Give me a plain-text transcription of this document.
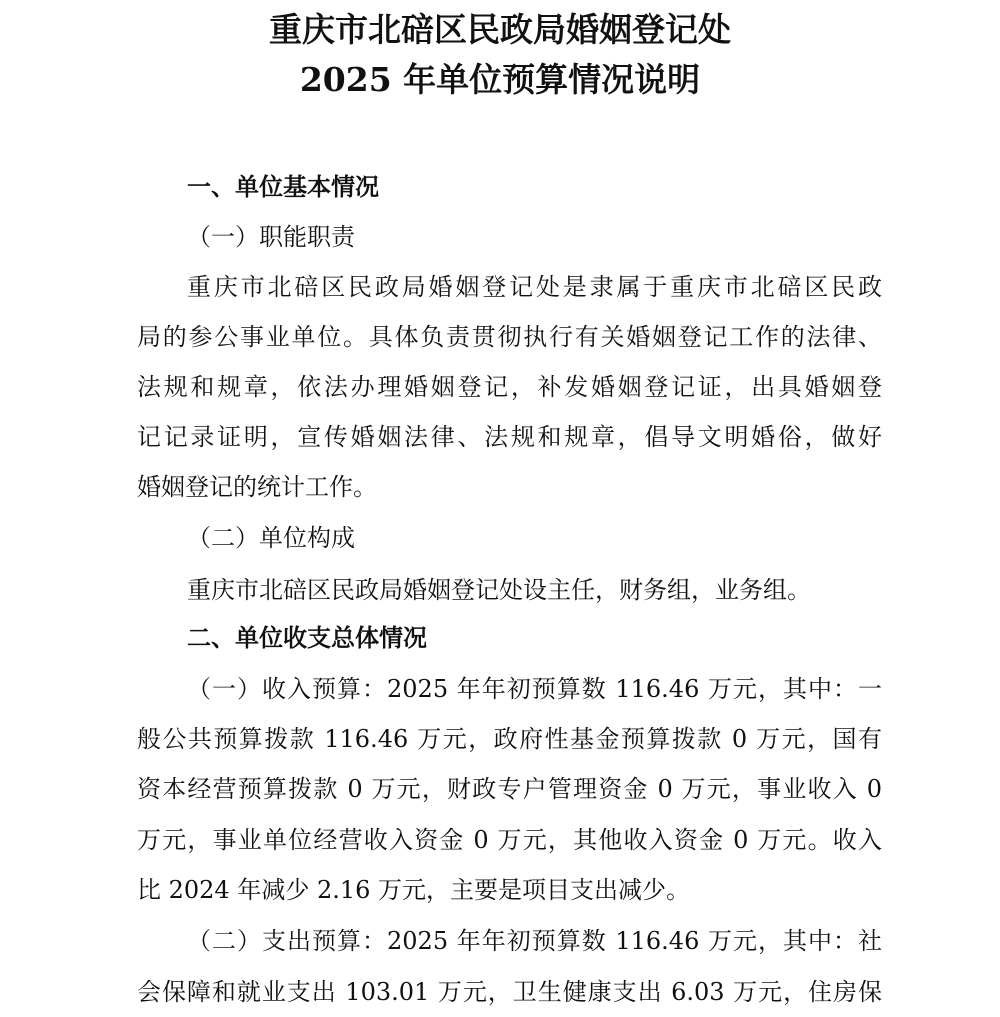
重庆市北碚区民政局婚姻登记处
2025 年单位预算情况说明
一、单位基本情况
（一）职能职责
重庆市北碚区民政局婚姻登记处是隶属于重庆市北碚区民政
局的参公事业单位。具体负责贯彻执行有关婚姻登记工作的法律、
法规和规章，依法办理婚姻登记，补发婚姻登记证，出具婚姻登
记记录证明，宣传婚姻法律、法规和规章，倡导文明婚俗，做好
婚姻登记的统计工作。
（二）单位构成
重庆市北碚区民政局婚姻登记处设主任，财务组，业务组。
二、单位收支总体情况
（一）收入预算：2025 年年初预算数 116.46 万元，其中：一
般公共预算拨款 116.46 万元，政府性基金预算拨款 0 万元，国有
资本经营预算拨款 0 万元，财政专户管理资金 0 万元，事业收入 0
万元，事业单位经营收入资金 0 万元，其他收入资金 0 万元。收入
比 2024 年减少 2.16 万元，主要是项目支出减少。
（二）支出预算：2025 年年初预算数 116.46 万元，其中：社
会保障和就业支出 103.01 万元，卫生健康支出 6.03 万元，住房保
